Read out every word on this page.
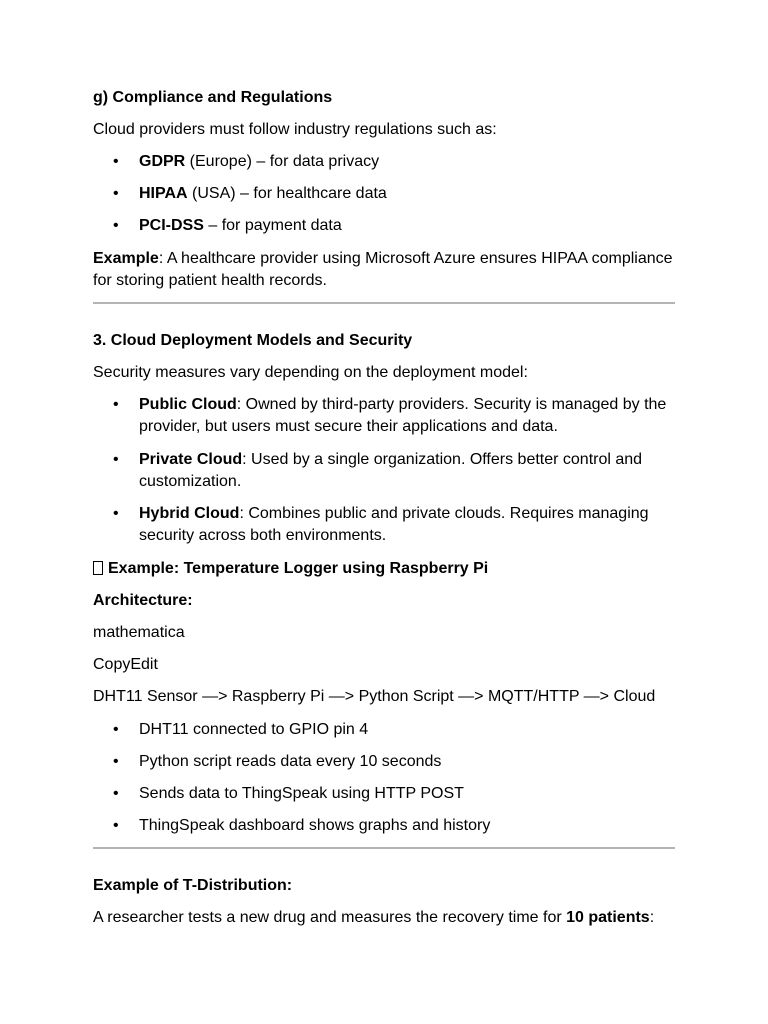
g) Compliance and Regulations

Cloud providers must follow industry regulations such as:

• GDPR (Europe) – for data privacy
• HIPAA (USA) – for healthcare data
• PCI-DSS – for payment data

Example: A healthcare provider using Microsoft Azure ensures HIPAA compliance for storing patient health records.

3. Cloud Deployment Models and Security

Security measures vary depending on the deployment model:

• Public Cloud: Owned by third-party providers. Security is managed by the provider, but users must secure their applications and data.
• Private Cloud: Used by a single organization. Offers better control and customization.
• Hybrid Cloud: Combines public and private clouds. Requires managing security across both environments.

Example: Temperature Logger using Raspberry Pi

Architecture:

mathematica

CopyEdit

DHT11 Sensor —> Raspberry Pi —> Python Script —> MQTT/HTTP —> Cloud

• DHT11 connected to GPIO pin 4
• Python script reads data every 10 seconds
• Sends data to ThingSpeak using HTTP POST
• ThingSpeak dashboard shows graphs and history

Example of T-Distribution:

A researcher tests a new drug and measures the recovery time for 10 patients:
